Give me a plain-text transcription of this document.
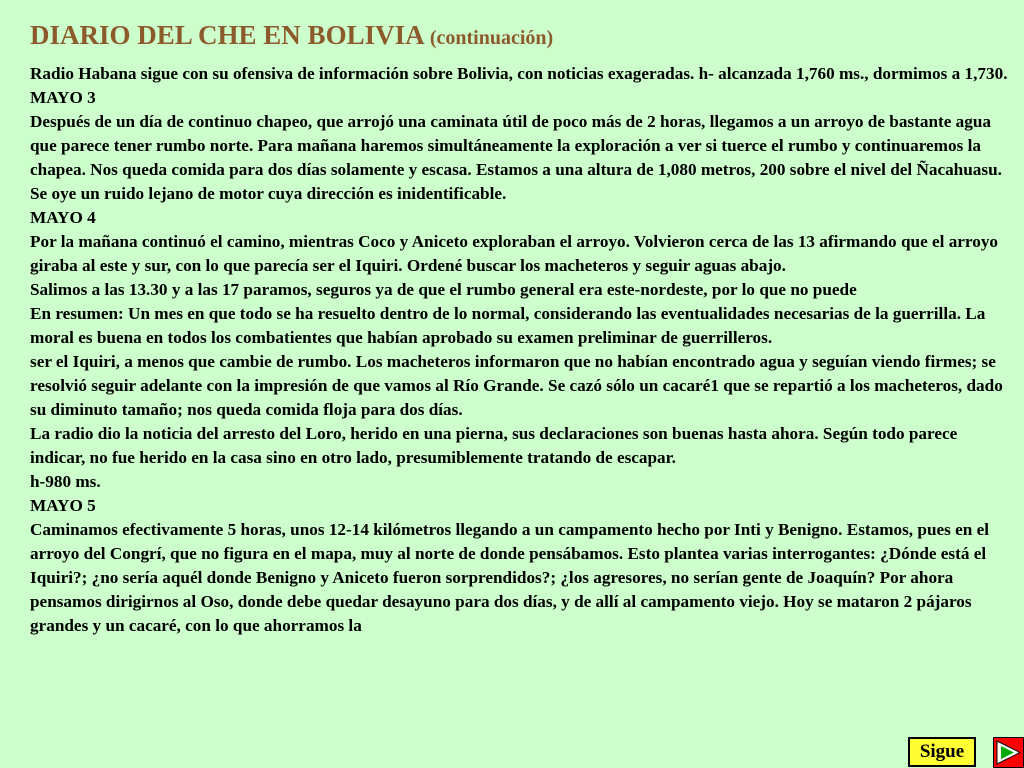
DIARIO DEL CHE EN BOLIVIA (continuación)

Radio Habana sigue con su ofensiva de información sobre Bolivia, con noticias exageradas. h- alcanzada 1,760 ms., dormimos a 1,730.

MAYO 3

Después de un día de continuo chapeo, que arrojó una caminata útil de poco más de 2 horas, llegamos a un arroyo de bastante agua que parece tener rumbo norte. Para mañana haremos simultáneamente la exploración a ver si tuerce el rumbo y continuaremos la chapea. Nos queda comida para dos días solamente y escasa. Estamos a una altura de 1,080 metros, 200 sobre el nivel del Ñacahuasu. Se oye un ruido lejano de motor cuya dirección es inidentificable.

MAYO 4

Por la mañana continuó el camino, mientras Coco y Aniceto exploraban el arroyo. Volvieron cerca de las 13 afirmando que el arroyo giraba al este y sur, con lo que parecía ser el Iquiri. Ordené buscar los macheteros y seguir aguas abajo.

Salimos a las 13.30 y a las 17 paramos, seguros ya de que el rumbo general era este-nordeste, por lo que no puede

En resumen: Un mes en que todo se ha resuelto dentro de lo normal, considerando las eventualidades necesarias de la guerrilla. La moral es buena en todos los combatientes que habían aprobado su examen preliminar de guerrilleros.

ser el Iquiri, a menos que cambie de rumbo. Los macheteros informaron que no habían encontrado agua y seguían viendo firmes; se resolvió seguir adelante con la impresión de que vamos al Río Grande. Se cazó sólo un cacaré1 que se repartió a los macheteros, dado su diminuto tamaño; nos queda comida floja para dos días.

La radio dio la noticia del arresto del Loro, herido en una pierna, sus declaraciones son buenas hasta ahora. Según todo parece indicar, no fue herido en la casa sino en otro lado, presumiblemente tratando de escapar.

h-980 ms.

MAYO 5

Caminamos efectivamente 5 horas, unos 12-14 kilómetros llegando a un campamento hecho por Inti y Benigno. Estamos, pues en el arroyo del Congrí, que no figura en el mapa, muy al norte de donde pensábamos. Esto plantea varias interrogantes: ¿Dónde está el Iquiri?; ¿no sería aquél donde Benigno y Aniceto fueron sorprendidos?; ¿los agresores, no serían gente de Joaquín? Por ahora pensamos dirigirnos al Oso, donde debe quedar desayuno para dos días, y de allí al campamento viejo. Hoy se mataron 2 pájaros grandes y un cacaré, con lo que ahorramos la

Sigue
